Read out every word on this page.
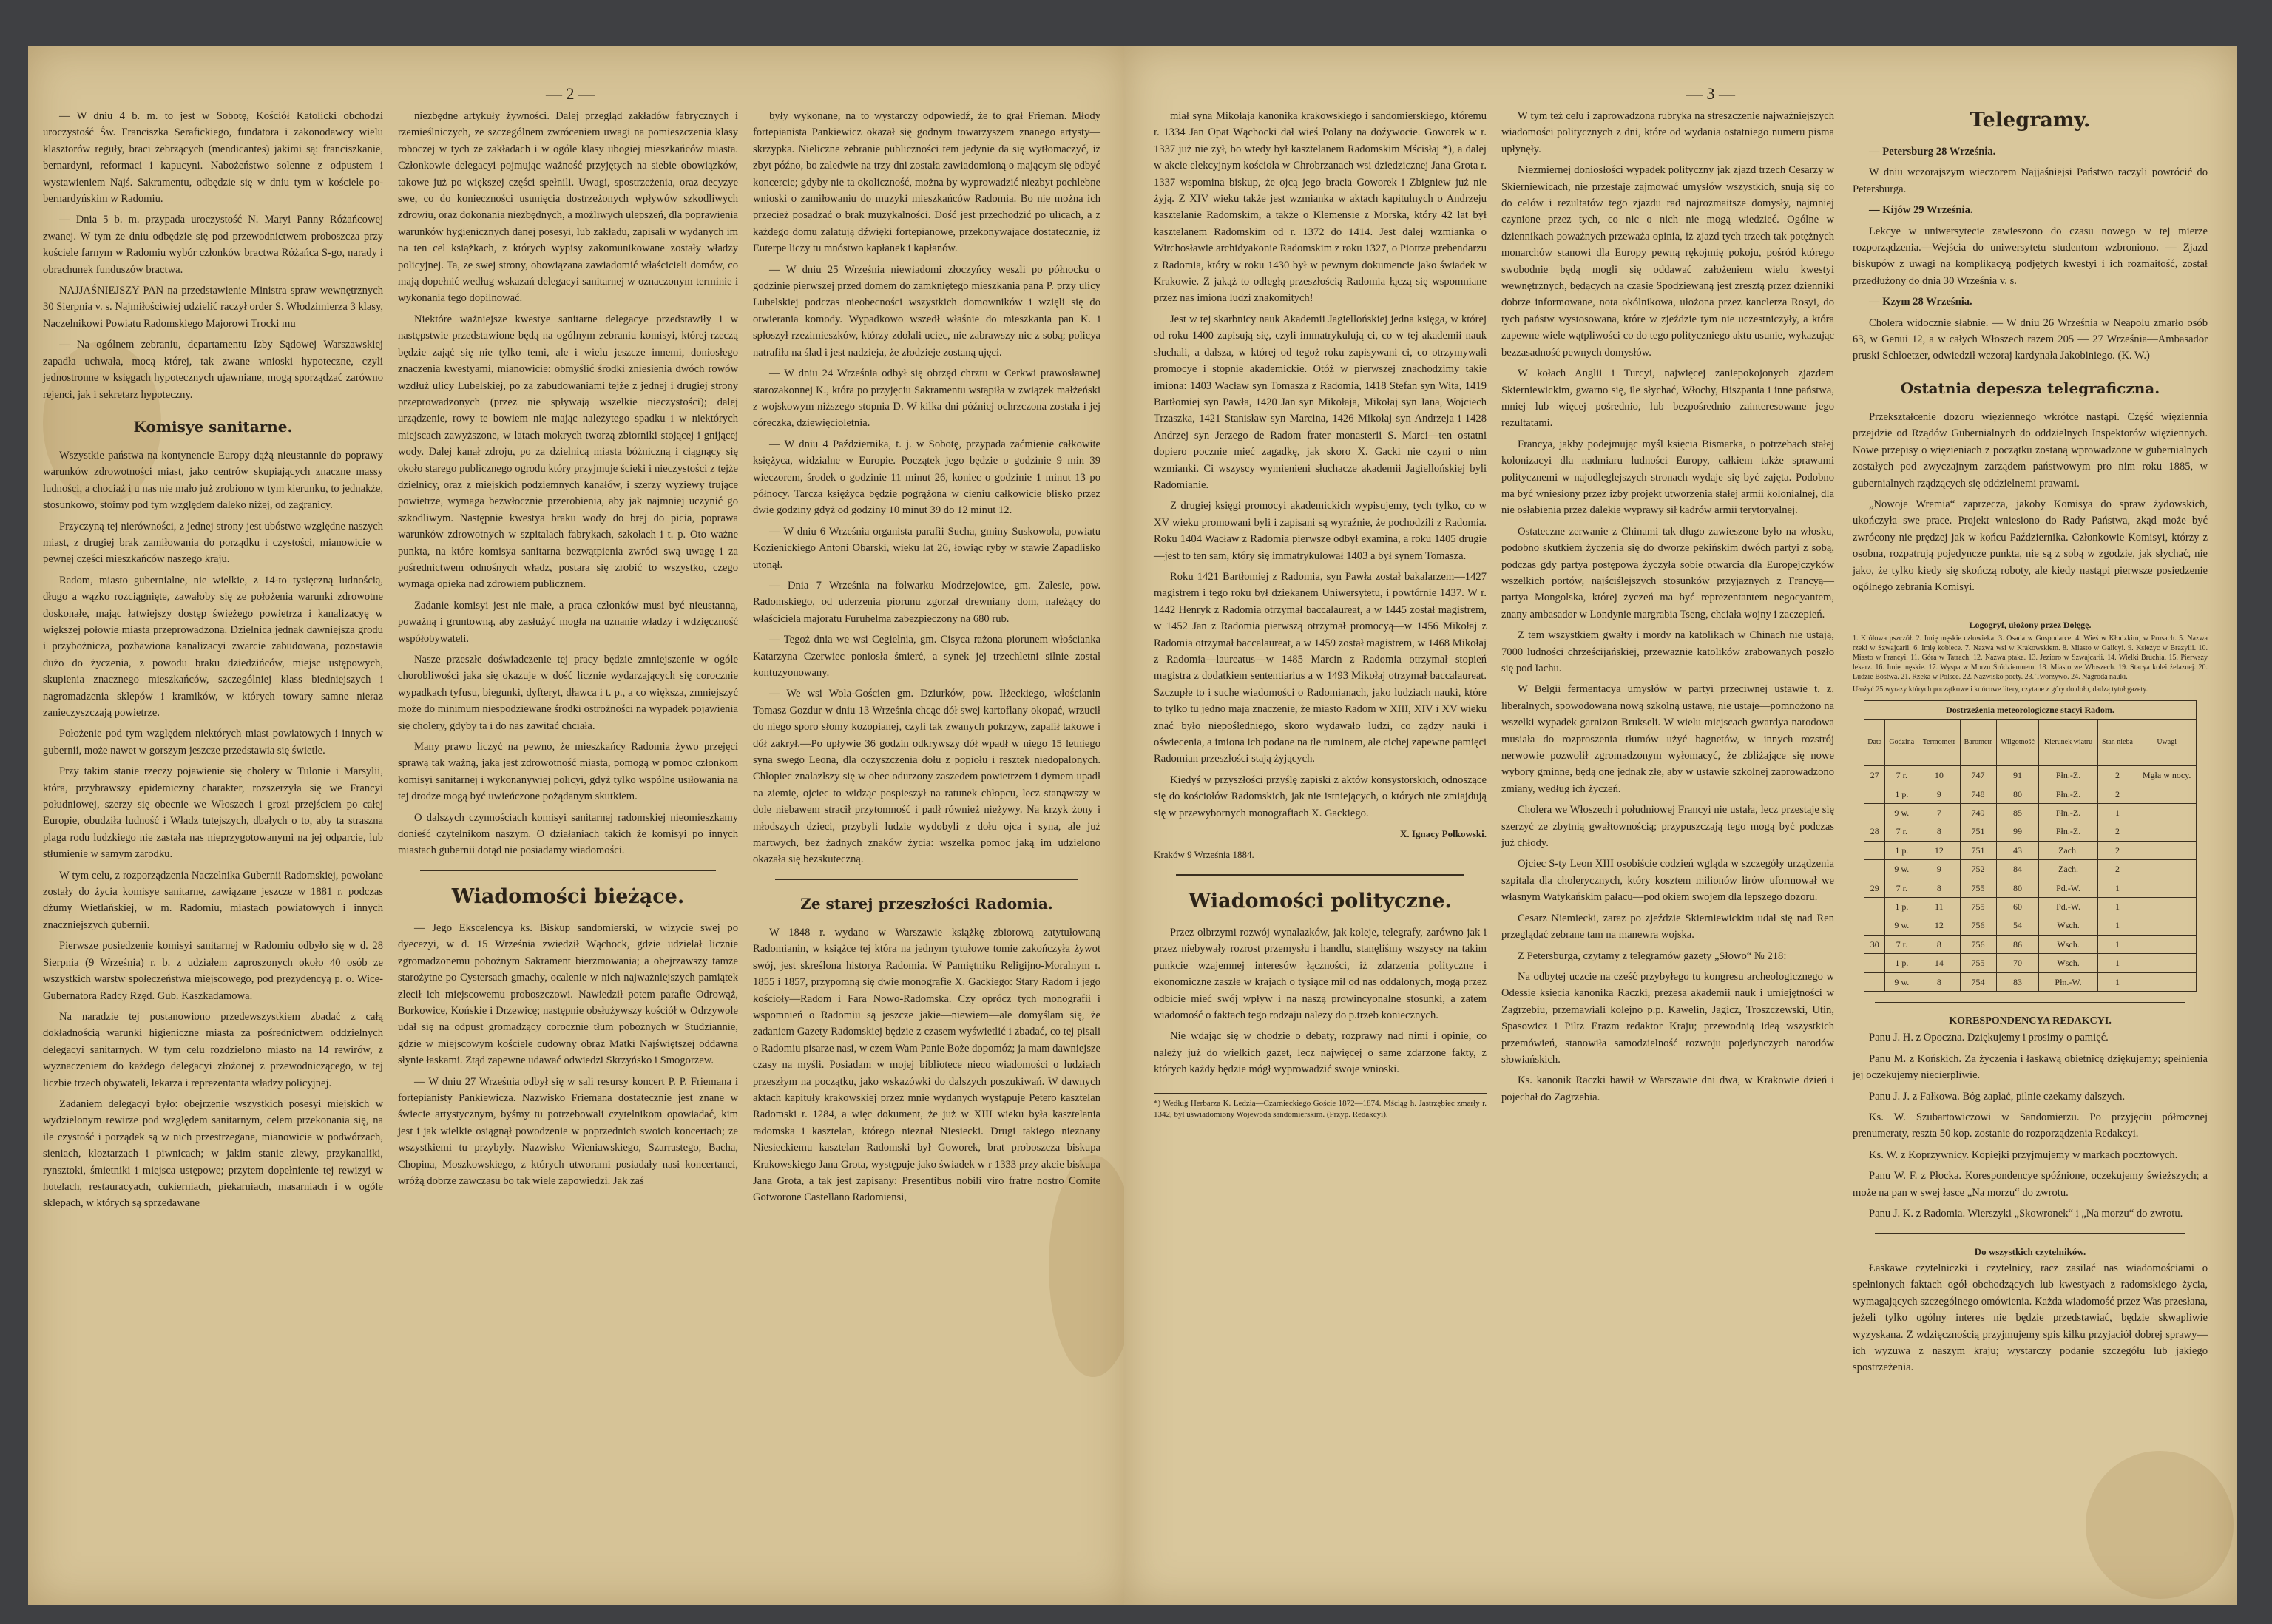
— 2 —

— W dniu 4 b. m. to jest w Sobotę, Kościół Katolicki obchodzi uroczystość Św. Franciszka Serafickiego, fundatora i zakonodawcy wielu klasztorów reguły, braci żebrzących (mendicantes) jakimi są: franciszkanie, bernardyni, reformaci i kapucyni. Nabożeństwo solenne z odpustem i wystawieniem Najś. Sakramentu, odbędzie się w dniu tym w kościele po-bernardyńskim w Radomiu.

— Dnia 5 b. m. przypada uroczystość N. Maryi Panny Różańcowej zwanej. W tym że dniu odbędzie się pod przewodnictwem proboszcza przy kościele farnym w Radomiu wybór członków bractwa Różańca S-go, narady i obrachunek funduszów bractwa.

NAJJAŚNIEJSZY PAN na przedstawienie Ministra spraw wewnętrznych 30 Sierpnia v. s. Najmiłościwiej udzielić raczył order S. Włodzimierza 3 klasy, Naczelnikowi Powiatu Radomskiego Majorowi Trocki mu

— Na ogólnem zebraniu, departamentu Izby Sądowej Warszawskiej zapadła uchwała, mocą której, tak zwane wnioski hypoteczne, czyli jednostronne w księgach hypotecznych ujawniane, mogą sporządzać zarówno rejenci, jak i sekretarz hypoteczny.

Komisye sanitarne.

Wszystkie państwa na kontynencie Europy dążą nieustannie do poprawy warunków zdrowotności miast, jako centrów skupiających znaczne massy ludności, a chociaż i u nas nie mało już zrobiono w tym kierunku, to jednakże, stosunkowo, stoimy pod tym względem daleko niżej, od zagranicy.

Przyczyną tej nierówności, z jednej strony jest ubóstwo względne naszych miast, z drugiej brak zamiłowania do porządku i czystości, mianowicie w pewnej części mieszkańców naszego kraju.

Radom, miasto gubernialne, nie wielkie, z 14-to tysięczną ludnością, długo a wązko rozciągnięte, zawałoby się ze położenia warunki zdrowotne doskonałe, mając łatwiejszy dostęp świeżego powietrza i kanalizacyę w większej połowie miasta przeprowadzoną. Dzielnica jednak dawniejsza grodu i przybożnicza, pozbawiona kanalizacyi zwarcie zabudowana, pozostawia dużo do życzenia, z powodu braku dziedzińców, miejsc ustępowych, skupienia znacznego mieszkańców, szczególniej klass biedniejszych i nagromadzenia sklepów i kramików, w których towary samne nieraz zanieczyszczają powietrze.

Położenie pod tym względem niektórych miast powiatowych i innych w gubernii, może nawet w gorszym jeszcze przedstawia się świetle.

Przy takim stanie rzeczy pojawienie się cholery w Tulonie i Marsylii, która, przybrawszy epidemiczny charakter, rozszerzyła się we Francyi południowej, szerzy się obecnie we Włoszech i grozi przejściem po całej Europie, obudziła ludność i Władz tutejszych, dbałych o to, aby ta straszna plaga rodu ludzkiego nie zastała nas nieprzygotowanymi na jej odparcie, lub stłumienie w samym zarodku.

W tym celu, z rozporządzenia Naczelnika Gubernii Radomskiej, powołane zostały do życia komisye sanitarne, zawiązane jeszcze w 1881 r. podczas dżumy Wietlańskiej, w m. Radomiu, miastach powiatowych i innych znaczniejszych gubernii.

Pierwsze posiedzenie komisyi sanitarnej w Radomiu odbyło się w d. 28 Sierpnia (9 Września) r. b. z udziałem zaproszonych około 40 osób ze wszystkich warstw społeczeństwa miejscowego, pod prezydencyą p. o. Wice-Gubernatora Radcy Rzęd. Gub. Kaszkadamowa.

Na naradzie tej postanowiono przedewszystkiem zbadać z całą dokładnością warunki higieniczne miasta za pośrednictwem oddzielnych delegacyi sanitarnych. W tym celu rozdzielono miasto na 14 rewirów, z wyznaczeniem do każdego delegacyi złożonej z przewodniczącego, w tej liczbie trzech obywateli, lekarza i reprezentanta władzy policyjnej.

Zadaniem delegacyi było: obejrzenie wszystkich posesyi miejskich w wydzielonym rewirze pod względem sanitarnym, celem przekonania się, na ile czystość i porządek są w nich przestrzegane, mianowicie w podwórzach, sieniach, kloztarzach i piwnicach; w jakim stanie zlewy, przykanaliki, rynsztoki, śmietniki i miejsca ustępowe; przytem dopełnienie tej rewizyi w hotelach, restauracyach, cukierniach, piekarniach, masarniach i w ogóle sklepach, w których są sprzedawane

niezbędne artykuły żywności. Dalej przegląd zakładów fabrycznych i rzemieślniczych, ze szczególnem zwróceniem uwagi na pomieszczenia klasy roboczej w tych że zakładach i w ogóle klasy ubogiej mieszkańców miasta. Członkowie delegacyi pojmując ważność przyjętych na siebie obowiązków, takowe już po większej części spełnili. Uwagi, spostrzeżenia, oraz decyzye swe, co do konieczności usunięcia dostrzeżonych wpływów szkodliwych zdrowiu, oraz dokonania niezbędnych, a możliwych ulepszeń, dla poprawienia warunków hygienicznych danej posesyi, lub zakładu, zapisali w wydanych im na ten cel książkach, z których wypisy zakomunikowane zostały władzy policyjnej. Ta, ze swej strony, obowiązana zawiadomić właścicieli domów, co mają dopełnić według wskazań delegacyi sanitarnej w oznaczonym terminie i wykonania tego dopilnować.

Niektóre ważniejsze kwestye sanitarne delegacye przedstawiły i w następstwie przedstawione będą na ogólnym zebraniu komisyi, której rzeczą będzie zająć się nie tylko temi, ale i wielu jeszcze innemi, doniosłego znaczenia kwestyami, mianowicie: obmyślić środki zniesienia dwóch rowów wzdłuż ulicy Lubelskiej, po za zabudowaniami tejże z jednej i drugiej strony przeprowadzonych (przez nie spływają wszelkie nieczystości); dalej urządzenie, rowy te bowiem nie mając należytego spadku i w niektórych miejscach zawyższone, w latach mokrych tworzą zbiorniki stojącej i gnijącej wody. Dalej kanał zdroju, po za dzielnicą miasta bóżniczną i ciągnący się około starego publicznego ogrodu który przyjmuje ścieki i nieczystości z tejże dzielnicy, oraz z miejskich podziemnych kanałów, i szerzy wyziewy trujące powietrze, wymaga bezwłocznie przerobienia, aby jak najmniej uczynić go szkodliwym. Następnie kwestya braku wody do brej do picia, poprawa warunków zdrowotnych w szpitalach fabrykach, szkołach i t. p. Oto ważne punkta, na które komisya sanitarna bezwątpienia zwróci swą uwagę i za pośrednictwem odnośnych władz, postara się zrobić to wszystko, czego wymaga opieka nad zdrowiem publicznem.

Zadanie komisyi jest nie małe, a praca członków musi być nieustanną, poważną i gruntowną, aby zasłużyć mogła na uznanie władzy i wdzięczność współobywateli.

Nasze przeszłe doświadczenie tej pracy będzie zmniejszenie w ogóle chorobliwości jaka się okazuje w dość licznie wydarzających się corocznie wypadkach tyfusu, biegunki, dyfteryt, dławca i t. p., a co większa, zmniejszyć może do minimum niespodziewane środki ostrożności na wypadek pojawienia się cholery, gdyby ta i do nas zawitać chciała.

Many prawo liczyć na pewno, że mieszkańcy Radomia żywo przejęci sprawą tak ważną, jaką jest zdrowotność miasta, pomogą w pomoc członkom komisyi sanitarnej i wykonanywiej policyi, gdyż tylko wspólne usiłowania na tej drodze mogą być uwieńczone pożądanym skutkiem.

O dalszych czynnościach komisyi sanitarnej radomskiej nieomieszkamy donieść czytelnikom naszym. O działaniach takich że komisyi po innych miastach gubernii dotąd nie posiadamy wiadomości.

Wiadomości bieżące.

— Jego Ekscelencya ks. Biskup sandomierski, w wizycie swej po dyecezyi, w d. 15 Września zwiedził Wąchock, gdzie udzielał licznie zgromadzonemu pobożnym Sakrament bierzmowania; a obejrzawszy tamże starożytne po Cystersach gmachy, ocalenie w nich najważniejszych pamiątek zlecił ich miejscowemu proboszczowi. Nawiedził potem parafie Odrowąż, Borkowice, Końskie i Drzewicę; następnie obsłużywszy kościół w Odrzywole udał się na odpust gromadzący corocznie tłum pobożnych w Studziannie, gdzie w miejscowym kościele cudowny obraz Matki Najświętszej oddawna słynie łaskami. Ztąd zapewne udawać odwiedzi Skrzyńsko i Smogorzew.

— W dniu 27 Września odbył się w sali resursy koncert P. P. Friemana i fortepianisty Pankiewicza. Nazwisko Friemana dostatecznie jest znane w świecie artystycznym, byśmy tu potrzebowali czytelnikom opowiadać, kim jest i jak wielkie osiągnął powodzenie w poprzednich swoich koncertach; ze wszystkiemi tu przybyły. Nazwisko Wieniawskiego, Szarrastego, Bacha, Chopina, Moszkowskiego, z których utworami posiadały nasi koncertanci, wróżą dobrze zawczasu bo tak wiele zapowiedzi. Jak zaś

były wykonane, na to wystarczy odpowiedź, że to grał Frieman. Młody fortepianista Pankiewicz okazał się godnym towarzyszem znanego artysty—skrzypka. Nieliczne zebranie publiczności tem jedynie da się wytłomaczyć, iż zbyt późno, bo zaledwie na trzy dni została zawiadomioną o mającym się odbyć koncercie; gdyby nie ta okoliczność, można by wyprowadzić niezbyt pochlebne wnioski o zamiłowaniu do muzyki mieszkańców Radomia. Bo nie można ich przecież posądzać o brak muzykalności. Dość jest przechodzić po ulicach, a z każdego domu zalatują dźwięki fortepianowe, przekonywające dostatecznie, iż Euterpe liczy tu mnóstwo kapłanek i kapłanów.

— W dniu 25 Września niewiadomi złoczyńcy weszli po północku o godzinie pierwszej przed domem do zamkniętego mieszkania pana P. przy ulicy Lubelskiej podczas nieobecności wszystkich domowników i wzięli się do otwierania komody. Wypadkowo wszedł właśnie do mieszkania pan K. i spłoszył rzezimieszków, którzy zdołali uciec, nie zabrawszy nic z sobą; policya natrafiła na ślad i jest nadzieja, że złodzieje zostaną ujęci.

— W dniu 24 Września odbył się obrzęd chrztu w Cerkwi prawosławnej starozakonnej K., która po przyjęciu Sakramentu wstąpiła w związek małżeński z wojskowym niższego stopnia D. W kilka dni później ochrzczona została i jej córeczka, dziewięcioletnia.

— W dniu 4 Października, t. j. w Sobotę, przypada zaćmienie całkowite księżyca, widzialne w Europie. Początek jego będzie o godzinie 9 min 39 wieczorem, środek o godzinie 11 minut 26, koniec o godzinie 1 minut 13 po północy. Tarcza księżyca będzie pogrążona w cieniu całkowicie blisko przez dwie godziny gdyż od godziny 10 minut 39 do 12 minut 12.

— W dniu 6 Września organista parafii Sucha, gminy Suskowola, powiatu Kozienickiego Antoni Obarski, wieku lat 26, łowiąc ryby w stawie Zapadlisko utonął.

— Dnia 7 Września na folwarku Modrzejowice, gm. Zalesie, pow. Radomskiego, od uderzenia piorunu zgorzał drewniany dom, należący do właściciela majoratu Furuhelma zabezpieczony na 680 rub.

— Tegoż dnia we wsi Cegielnia, gm. Cisyca rażona piorunem włościanka Katarzyna Czerwiec poniosła śmierć, a synek jej trzechletni silnie został kontuzyonowany.

— We wsi Wola-Gościen gm. Dziurków, pow. Iłżeckiego, włościanin Tomasz Gozdur w dniu 13 Września chcąc dół swej kartoflany okopać, wrzucił do niego sporo słomy kozopianej, czyli tak zwanych pokrzyw, zapalił takowe i dół zakrył.—Po upływie 36 godzin odkrywszy dół wpadł w niego 15 letniego syna swego Leona, dla oczyszczenia dołu z popiołu i resztek niedopalonych. Chłopiec znalazłszy się w obec odurzony zaszedem powietrzem i dymem upadł na ziemię, ojciec to widząc pospieszył na ratunek chłopcu, lecz stanąwszy w dole niebawem stracił przytomność i padł również nieżywy. Na krzyk żony i młodszych dzieci, przybyli ludzie wydobyli z dołu ojca i syna, ale już martwych, bez żadnych znaków życia: wszelka pomoc jaką im udzielono okazała się bezskuteczną.

Ze starej przeszłości Radomia.

W 1848 r. wydano w Warszawie książkę zbiorową zatytułowaną Radomianin, w książce tej która na jednym tytułowe tomie zakończyła żywot swój, jest skreślona historya Radomia. W Pamiętniku Religijno-Moralnym r. 1855 i 1857, przypomną się dwie monografie X. Gackiego: Stary Radom i jego kościoły—Radom i Fara Nowo-Radomska. Czy oprócz tych monografii i wspomnień o Radomiu są jeszcze jakie—niewiem—ale domyślam się, że zadaniem Gazety Radomskiej będzie z czasem wyświetlić i zbadać, co tej pisali o Radomiu pisarze nasi, w czem Wam Panie Boże dopomóż; ja mam dawniejsze czasy na myśli. Posiadam w mojej bibliotece nieco wiadomości o ludziach przeszłym na początku, jako wskazówki do dalszych poszukiwań. W dawnych aktach kapituły krakowskiej przez mnie wydanych wystąpuje Petero kasztelan Radomski r. 1284, a więc dokument, że już w XIII wieku była kasztelania radomska i kasztelan, którego nieznał Niesiecki. Drugi takiego nieznany Niesieckiemu kasztelan Radomski był Goworek, brat proboszcza biskupa Krakowskiego Jana Grota, występuje jako świadek w r 1333 przy akcie biskupa Jana Grota, a tak jest zapisany: Presentibus nobili viro fratre nostro Comite Gotworone Castellano Radomiensi,

— 3 —

miał syna Mikołaja kanonika krakowskiego i sandomierskiego, któremu r. 1334 Jan Opat Wąchocki dał wieś Polany na doźywocie. Goworek w r. 1337 już nie żył, bo wtedy był kasztelanem Radomskim Mścisłaj *), a dalej w akcie elekcyjnym kościoła w Chrobrzanach wsi dziedzicznej Jana Grota r. 1337 wspomina biskup, że ojcą jego bracia Goworek i Zbigniew już nie żyją. Z XIV wieku także jest wzmianka w aktach kapitulnych o Andrzeju kasztelanie Radomskim, a także o Klemensie z Morska, który 42 lat był kasztelanem Radomskim od r. 1372 do 1414. Jest dalej wzmianka o Wirchosławie archidyakonie Radomskim z roku 1327, o Piotrze prebendarzu z Radomia, który w roku 1430 był w pewnym dokumencie jako świadek w Krakowie. Z jakąż to odległą przeszłością Radomia łączą się wspomniane przez nas imiona ludzi znakomitych!

Jest w tej skarbnicy nauk Akademii Jagiellońskiej jedna księga, w której od roku 1400 zapisują się, czyli immatrykulują ci, co w tej akademii nauk słuchali, a dalsza, w której od tegoż roku zapisywani ci, co otrzymywali promocye i stopnie akademickie. Otóż w pierwszej znachodzimy takie imiona: 1403 Wacław syn Tomasza z Radomia, 1418 Stefan syn Wita, 1419 Bartłomiej syn Pawła, 1420 Jan syn Mikołaja, Mikołaj syn Jana, Wojciech Trzaszka, 1421 Stanisław syn Marcina, 1426 Mikołaj syn Andrzeja i 1428 Andrzej syn Jerzego de Radom frater monasterii S. Marci—ten ostatni dopiero pocznie mieć zagadkę, jak skoro X. Gacki nie czyni o nim wzmianki. Ci wszyscy wymienieni słuchacze akademii Jagiellońskiej byli Radomianie.

Z drugiej księgi promocyi akademickich wypisujemy, tych tylko, co w XV wieku promowani byli i zapisani są wyraźnie, że pochodzili z Radomia. Roku 1404 Wacław z Radomia pierwsze odbył examina, a roku 1405 drugie—jest to ten sam, który się immatrykulował 1403 a był synem Tomasza.

Roku 1421 Bartłomiej z Radomia, syn Pawła został bakalarzem—1427 magistrem i tego roku był dziekanem Uniwersytetu, i powtórnie 1437. W r. 1442 Henryk z Radomia otrzymał baccalaureat, a w 1445 został magistrem, w 1452 Jan z Radomia pierwszą otrzymał promocyą—w 1456 Mikołaj z Radomia otrzymał baccalaureat, a w 1459 został magistrem, w 1468 Mikołaj z Radomia—laureatus—w 1485 Marcin z Radomia otrzymał stopień magistra z dodatkiem sententiarius a w 1493 Mikołaj otrzymał baccalaureat. Szczupłe to i suche wiadomości o Radomianach, jako ludziach nauki, które to tylko tu jedno mają znaczenie, że miasto Radom w XIII, XIV i XV wieku znać było niepośledniego, skoro wydawało ludzi, co żądzy nauki i oświecenia, a imiona ich podane na tle ruminem, ale cichej zapewne pamięci Radomian przeszłości stają żyjących.

Kiedyś w przyszłości przyślę zapiski z aktów konsystorskich, odnoszące się do kościołów Radomskich, jak nie istniejących, o których nie zmiajdują się w przewybornych monografiach X. Gackiego.

X. Ignacy Polkowski.

Kraków 9 Września 1884.

Wiadomości polityczne.

Przez olbrzymi rozwój wynalazków, jak koleje, telegrafy, zarówno jak i przez niebywały rozrost przemysłu i handlu, stanęliśmy wszyscy na takim punkcie wzajemnej interesów łączności, iż zdarzenia polityczne i ekonomiczne zaszłe w krajach o tysiące mil od nas oddalonych, mogą przez odbicie mieć swój wpływ i na naszą prowincyonalne stosunki, a zatem wiadomość o faktach tego rodzaju należy do p.trzeb koniecznych.

Nie wdając się w chodzie o debaty, rozprawy nad nimi i opinie, co należy już do wielkich gazet, lecz najwięcej o same zdarzone fakty, z których każdy będzie mógł wyprowadzić swoje wnioski.

*) Według Herbarza K. Ledzia—Czarnieckiego Goście 1872—1874. Mściąg h. Jastrzębiec zmarły r. 1342, był uświadomiony Wojewoda sandomierskim. (Przyp. Redakcyi).

W tym też celu i zaprowadzona rubryka na streszczenie najważniejszych wiadomości politycznych z dni, które od wydania ostatniego numeru pisma upłynęły.

Niezmiernej doniosłości wypadek polityczny jak zjazd trzech Cesarzy w Skierniewicach, nie przestaje zajmować umysłów wszystkich, snują się co do celów i rezultatów tego zjazdu rad najrozmaitsze domysły, najmniej czynione przez tych, co nic o nich nie mogą wiedzieć. Ogólne w dziennikach poważnych przeważa opinia, iż zjazd tych trzech tak potężnych monarchów stanowi dla Europy pewną rękojmię pokoju, pośród którego swobodnie będą mogli się oddawać założeniem wielu kwestyi wewnętrznych, będących na czasie Spodziewaną jest zresztą przez dzienniki dobrze informowane, nota okólnikowa, ułożona przez kanclerza Rosyi, do tych państw wystosowana, które w zjeździe tym nie uczestniczyły, a która zapewne wiele wątpliwości co do tego polityczniego aktu usunie, wykazując bezzasadność pewnych domysłów.

W kołach Anglii i Turcyi, najwięcej zaniepokojonych zjazdem Skierniewickim, gwarno się, ile słychać, Włochy, Hiszpania i inne państwa, mniej lub więcej pośrednio, lub bezpośrednio zainteresowane jego rezultatami.

Francya, jakby podejmując myśl księcia Bismarka, o potrzebach stałej kolonizacyi dla nadmiaru ludności Europy, całkiem także sprawami politycznemi w najodleglejszych stronach wydaje się być zajęta. Podobno ma być wniesiony przez izby projekt utworzenia stałej armii kolonialnej, dla nie osłabienia przez dalekie wyprawy sił kadrów armii terytoryalnej.

Ostateczne zerwanie z Chinami tak długo zawieszone było na włosku, podobno skutkiem życzenia się do dworze pekińskim dwóch partyi z sobą, podczas gdy partya postępowa życzyła sobie otwarcia dla Europejczyków wszelkich portów, najściślejszych stosunków przyjaznych z Francyą—partya Mongolska, której życzeń ma być reprezentantem negocyantem, znany ambasador w Londynie margrabia Tseng, chciała wojny i zaczepień.

Z tem wszystkiem gwałty i mordy na katolikach w Chinach nie ustają, 7000 ludności chrześcijańskiej, przewaznie katolików zrabowanych poszło się pod Iachu.

W Belgii fermentacya umysłów w partyi przeciwnej ustawie t. z. liberalnych, spowodowana nową szkolną ustawą, nie ustaje—pomnożono na wszelki wypadek garnizon Brukseli. W wielu miejscach gwardya narodowa musiała do rozproszenia tłumów użyć bagnetów, w innych rozstrój nerwowie pozwolił zgromadzonym wyłomacyć, że zbliżające się nowe wybory gminne, będą one jednak złe, aby w ustawie szkolnej zaprowadzono zmiany, według ich życzeń.

Cholera we Włoszech i południowej Francyi nie ustała, lecz przestaje się szerzyć ze zbytnią gwałtownością; przypuszczają tego mogą być podczas już chłody.

Ojciec S-ty Leon XIII osobiście codzień wgląda w szczegóły urządzenia szpitala dla cholerycznych, który kosztem milionów lirów uformował we własnym Watykańskim pałacu—pod okiem swojem dla lepszego dozoru.

Cesarz Niemiecki, zaraz po zjeździe Skierniewickim udał się nad Ren przeglądać zebrane tam na manewra wojska.

Z Petersburga, czytamy z telegramów gazety „Słowo“ № 218:

Na odbytej uczcie na cześć przybyłego tu kongresu archeologicznego w Odessie księcia kanonika Raczki, prezesa akademii nauk i umiejętności w Zagrzebiu, przemawiali kolejno p.p. Kawelin, Jagicz, Troszczewski, Utin, Spasowicz i Piltz Erazm redaktor Kraju; przewodnią ideą wszystkich przemówień, stanowiła samodzielność rozwoju pojedynczych narodów słowiańskich.

Ks. kanonik Raczki bawił w Warszawie dni dwa, w Krakowie dzień i pojechał do Zagrzebia.

Telegramy.

— Petersburg 28 Września.

W dniu wczorajszym wieczorem Najjaśniejsi Państwo raczyli powrócić do Petersburga.

— Kijów 29 Września.

Lekcye w uniwersytecie zawieszono do czasu nowego w tej mierze rozporządzenia.—Wejścia do uniwersytetu studentom wzbroniono. — Zjazd biskupów z uwagi na komplikacyą podjętych kwestyi i ich rozmaitość, został przedłużony do dnia 30 Września v. s.

— Kzym 28 Września.

Cholera widocznie słabnie. — W dniu 26 Września w Neapolu zmarło osób 63, w Genui 12, a w całych Włoszech razem 205 — 27 Września—Ambasador pruski Schloetzer, odwiedził wczoraj kardynała Jakobiniego. (K. W.)

Ostatnia depesza telegraficzna.

Przekształcenie dozoru więziennego wkrótce nastąpi. Część więziennia przejdzie od Rządów Gubernialnych do oddzielnych Inspektorów więziennych. Nowe przepisy o więzieniach z początku zostaną wprowadzone w gubernialnych zostałych pod zwyczajnym zarządem państwowym pro nim roku 1885, w gubernialnych rządzących się oddzielnemi prawami.

„Nowoje Wremia“ zaprzecza, jakoby Komisya do spraw żydowskich, ukończyła swe prace. Projekt wniesiono do Rady Państwa, zkąd może być zwrócony nie prędzej jak w końcu Października. Członkowie Komisyi, którzy z osobna, rozpatrują pojedyncze punkta, nie są z sobą w zgodzie, jak słychać, nie jako, że tylko kiedy się skończą roboty, ale kiedy nastąpi pierwsze posiedzenie ogólnego zebrania Komisyi.

Logogryf, ułożony przez Dołęgę.
1. Królowa pszczół. 2. Imię męskie człowieka. 3. Osada w Gospodarce. 4. Wieś w Kłodzkim, w Prusach. 5. Nazwa rzeki w Szwajcarii. 6. Imię kobiece. 7. Nazwa wsi w Krakowskiem. 8. Miasto w Galicyi. 9. Księżyc w Brazylii. 10. Miasto w Francyi. 11. Góra w Tatrach. 12. Nazwa ptaka. 13. Jezioro w Szwajcarii. 14. Wielki Bruchia. 15. Pierwszy lekarz. 16. Imię męskie. 17. Wyspa w Morzu Śródziemnem. 18. Miasto we Włoszech. 19. Stacya kolei żelaznej. 20. Ludzie Bóstwa. 21. Rzeka w Polsce. 22. Nazwisko poety. 23. Tworzywo. 24. Nagroda nauki.
Ułożyć 25 wyrazy których początkowe i końcowe litery, czytane z góry do dołu, dadzą tytuł gazety.
Dostrzeżenia meteorologiczne stacyi Radom.							
Data	Godzina	Termometr	Barometr	Wilgotność	Kierunek wiatru	Stan nieba	Uwagi
27	7 r.	10	747	91	Płn.-Z.	2	Mgła w nocy.
	1 p.	9	748	80	Płn.-Z.	2	
	9 w.	7	749	85	Płn.-Z.	1	
28	7 r.	8	751	99	Płn.-Z.	2	
	1 p.	12	751	43	Zach.	2	
	9 w.	9	752	84	Zach.	2	
29	7 r.	8	755	80	Pd.-W.	1	
	1 p.	11	755	60	Pd.-W.	1	
	9 w.	12	756	54	Wsch.	1	
30	7 r.	8	756	86	Wsch.	1	
	1 p.	14	755	70	Wsch.	1	
	9 w.	8	754	83	Płn.-W.	1	
KORESPONDENCYA REDAKCYI.

Panu J. H. z Opoczna. Dziękujemy i prosimy o pamięć.

Panu M. z Końskich. Za życzenia i łaskawą obietnicę dziękujemy; spełnienia jej oczekujemy niecierpliwie.

Panu J. J. z Fałkowa. Bóg zapłać, pilnie czekamy dalszych.

Ks. W. Szubartowiczowi w Sandomierzu. Po przyjęciu półrocznej prenumeraty, reszta 50 kop. zostanie do rozporządzenia Redakcyi.

Ks. W. z Koprzywnicy. Kopiejki przyjmujemy w markach pocztowych.

Panu W. F. z Płocka. Korespondencye spóźnione, oczekujemy świeższych; a może na pan w swej łasce „Na morzu“ do zwrotu.

Panu J. K. z Radomia. Wierszyki „Skowronek“ i „Na morzu“ do zwrotu.

Do wszystkich czytelników.

Łaskawe czytelniczki i czytelnicy, racz zasilać nas wiadomościami o spełnionych faktach ogół obchodzących lub kwestyach z radomskiego życia, wymagających szczególnego omówienia. Każda wiadomość przez Was przesłana, jeżeli tylko ogólny interes nie będzie przedstawiać, będzie skwapliwie wyzyskana. Z wdzięcznością przyjmujemy spis kilku przyjaciół dobrej sprawy—ich wyzuwa z naszym kraju; wystarczy podanie szczegółu lub jakiego spostrzeżenia.
